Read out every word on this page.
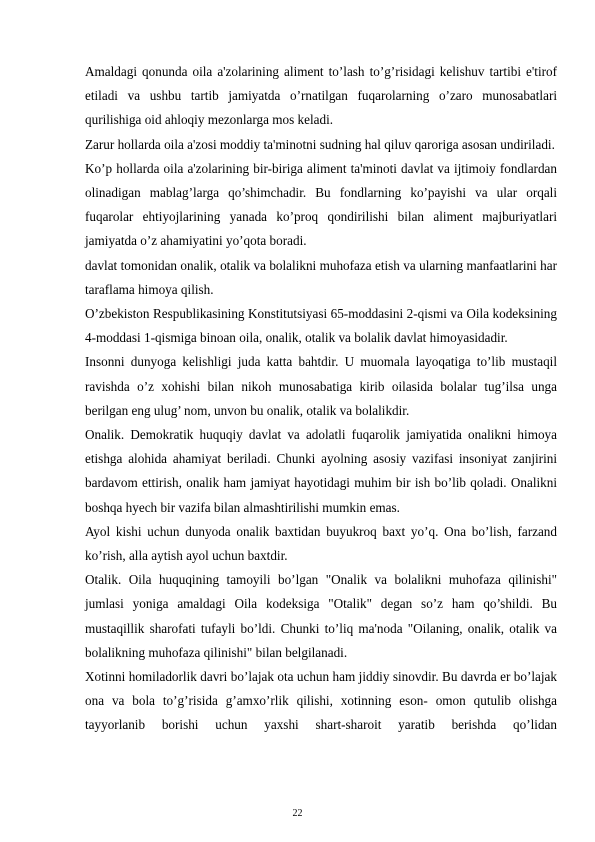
Amaldagi qonunda oila a'zolarining aliment to’lash to’g’risidagi kelishuv tartibi e'tirof etiladi va ushbu tartib jamiyatda o’rnatilgan fuqarolarning o’zaro munosabatlari qurilishiga oid ahloqiy mezonlarga mos keladi.

Zarur hollarda oila a'zosi moddiy ta'minotni sudning hal qiluv qaroriga asosan undiriladi.

Ko’p hollarda oila a'zolarining bir-biriga aliment ta'minoti davlat va ijtimoiy fondlardan olinadigan mablag’larga qo’shimchadir. Bu fondlarning ko’payishi va ular orqali fuqarolar ehtiyojlarining yanada ko’proq qondirilishi bilan aliment majburiyatlari jamiyatda o’z ahamiyatini yo’qota boradi.

davlat tomonidan onalik, otalik va bolalikni muhofaza etish va ularning manfaatlarini har taraflama himoya qilish.

O’zbekiston Respublikasining Konstitutsiyasi 65-moddasini 2-qismi va Oila kodeksining 4-moddasi 1-qismiga binoan oila, onalik, otalik va bolalik davlat himoyasidadir.

Insonni dunyoga kelishligi juda katta bahtdir. U muomala layoqatiga to’lib mustaqil ravishda o’z xohishi bilan nikoh munosabatiga kirib oilasida bolalar tug’ilsa unga berilgan eng ulug’ nom, unvon bu onalik, otalik va bolalikdir.

Onalik. Demokratik huquqiy davlat va adolatli fuqarolik jamiyatida onalikni himoya etishga alohida ahamiyat beriladi. Chunki ayolning asosiy vazifasi insoniyat zanjirini bardavom ettirish, onalik ham jamiyat hayotidagi muhim bir ish bo’lib qoladi. Onalikni boshqa hyech bir vazifa bilan almashtirilishi mumkin emas.

Ayol kishi uchun dunyoda onalik baxtidan buyukroq baxt yo’q. Ona bo’lish, farzand ko’rish, alla aytish ayol uchun baxtdir.

Otalik. Oila huquqining tamoyili bo’lgan "Onalik va bolalikni muhofaza qilinishi" jumlasi yoniga amaldagi Oila kodeksiga "Otalik" degan so’z ham qo’shildi. Bu mustaqillik sharofati tufayli bo’ldi. Chunki to’liq ma'noda "Oilaning, onalik, otalik va bolalikning muhofaza qilinishi" bilan belgilanadi.

Xotinni homiladorlik davri bo’lajak ota uchun ham jiddiy sinovdir. Bu davrda er bo’lajak ona va bola to’g’risida g’amxo’rlik qilishi, xotinning eson- omon qutulib olishga tayyorlanib borishi uchun yaxshi shart-sharoit yaratib berishda qo’lidan

22
